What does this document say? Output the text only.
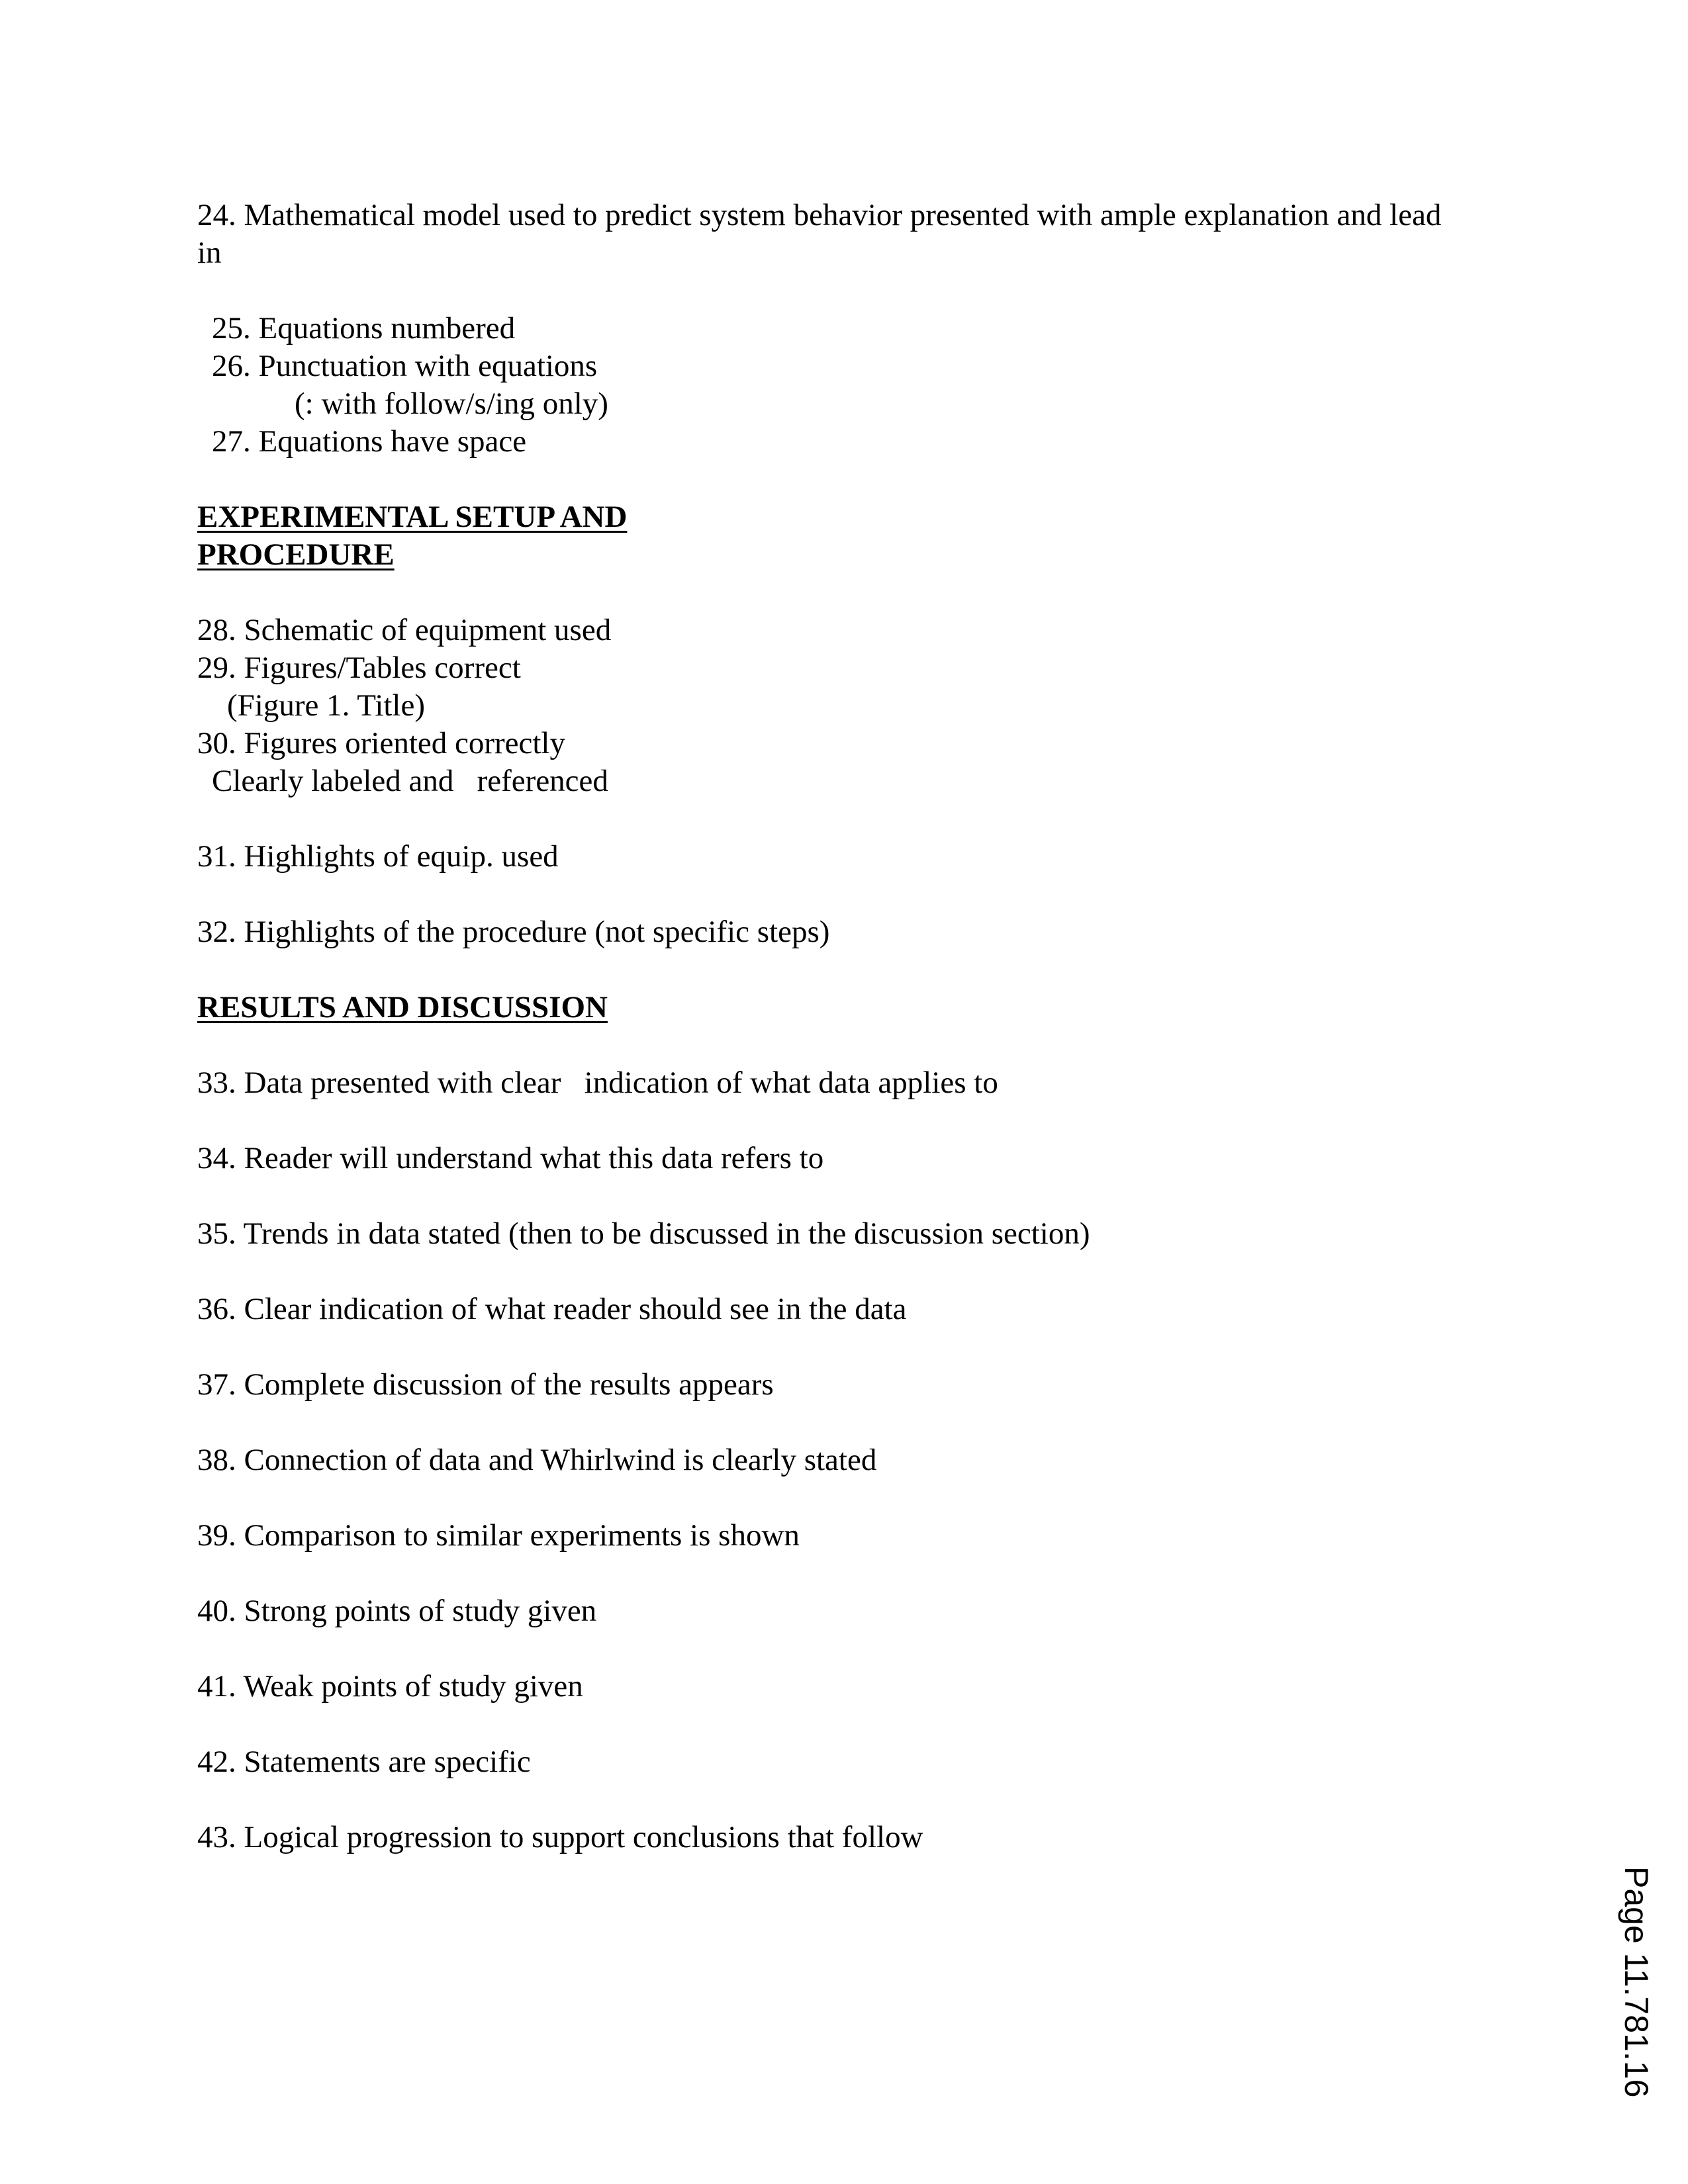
24. Mathematical model used to predict system behavior presented with ample explanation and lead
in
25. Equations numbered
26. Punctuation with equations
(: with follow/s/ing only)
27. Equations have space
EXPERIMENTAL SETUP AND
PROCEDURE
28. Schematic of equipment used
29. Figures/Tables correct
(Figure 1. Title)
30. Figures oriented correctly
Clearly labeled and   referenced
31. Highlights of equip. used
32. Highlights of the procedure (not specific steps)
RESULTS AND DISCUSSION
33. Data presented with clear   indication of what data applies to
34. Reader will understand what this data refers to
35. Trends in data stated (then to be discussed in the discussion section)
36. Clear indication of what reader should see in the data
37. Complete discussion of the results appears
38. Connection of data and Whirlwind is clearly stated
39. Comparison to similar experiments is shown
40. Strong points of study given
41. Weak points of study given
42. Statements are specific
43. Logical progression to support conclusions that follow
Page 11.781.16
